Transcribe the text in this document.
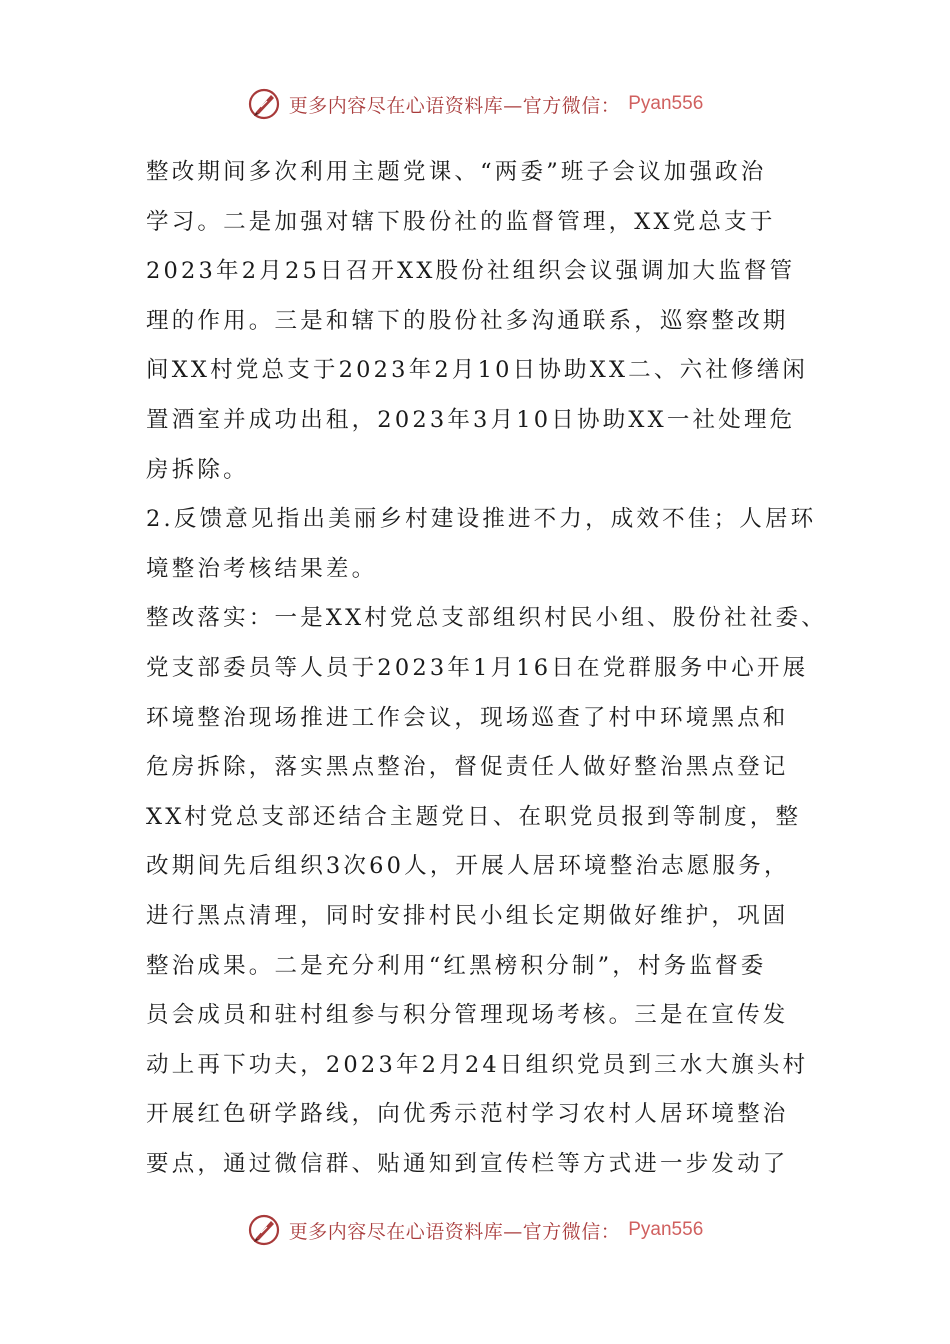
更多内容尽在心语资料库—官方微信： Pyan556
整改期间多次利用主题党课、“两委”班子会议加强政治
学习。二是加强对辖下股份社的监督管理，XX党总支于
2023年2月25日召开XX股份社组织会议强调加大监督管
理的作用。三是和辖下的股份社多沟通联系，巡察整改期
间XX村党总支于2023年2月10日协助XX二、六社修缮闲
置酒室并成功出租，2023年3月10日协助XX一社处理危
房拆除。
2.反馈意见指出美丽乡村建设推进不力，成效不佳；人居环
境整治考核结果差。
整改落实：一是XX村党总支部组织村民小组、股份社社委、
党支部委员等人员于2023年1月16日在党群服务中心开展
环境整治现场推进工作会议，现场巡查了村中环境黑点和
危房拆除，落实黑点整治，督促责任人做好整治黑点登记
XX村党总支部还结合主题党日、在职党员报到等制度，整
改期间先后组织3次60人，开展人居环境整治志愿服务，
进行黑点清理，同时安排村民小组长定期做好维护，巩固
整治成果。二是充分利用“红黑榜积分制”，村务监督委
员会成员和驻村组参与积分管理现场考核。三是在宣传发
动上再下功夫，2023年2月24日组织党员到三水大旗头村
开展红色研学路线，向优秀示范村学习农村人居环境整治
要点，通过微信群、贴通知到宣传栏等方式进一步发动了
更多内容尽在心语资料库—官方微信： Pyan556
